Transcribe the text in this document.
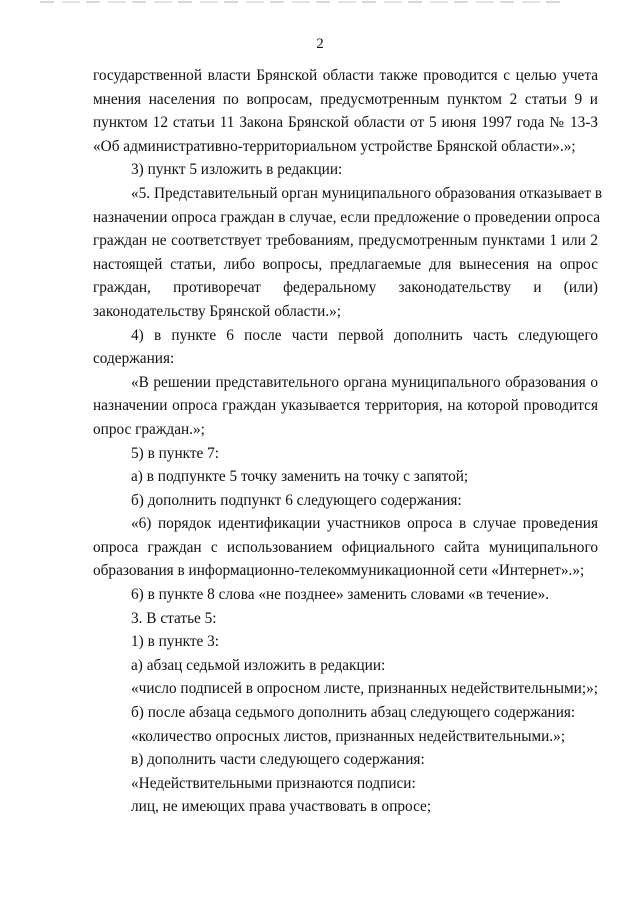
2
государственной власти Брянской области также проводится с целью учета
мнения населения по вопросам, предусмотренным пунктом 2 статьи 9 и
пунктом 12 статьи 11 Закона Брянской области от 5 июня 1997 года № 13-З
«Об административно-территориальном устройстве Брянской области».»;
3) пункт 5 изложить в редакции:
«5. Представительный орган муниципального образования отказывает в
назначении опроса граждан в случае, если предложение о проведении опроса
граждан не соответствует требованиям, предусмотренным пунктами 1 или 2
настоящей статьи, либо вопросы, предлагаемые для вынесения на опрос
граждан, противоречат федеральному законодательству и (или)
законодательству Брянской области.»;
4) в пункте 6 после части первой дополнить часть следующего
содержания:
«В решении представительного органа муниципального образования о
назначении опроса граждан указывается территория, на которой проводится
опрос граждан.»;
5) в пункте 7:
а) в подпункте 5 точку заменить на точку с запятой;
б) дополнить подпункт 6 следующего содержания:
«6) порядок идентификации участников опроса в случае проведения
опроса граждан с использованием официального сайта муниципального
образования в информационно-телекоммуникационной сети «Интернет».»;
6) в пункте 8 слова «не позднее» заменить словами «в течение».
3. В статье 5:
1) в пункте 3:
а) абзац седьмой изложить в редакции:
«число подписей в опросном листе, признанных недействительными;»;
б) после абзаца седьмого дополнить абзац следующего содержания:
«количество опросных листов, признанных недействительными.»;
в) дополнить части следующего содержания:
«Недействительными признаются подписи:
лиц, не имеющих права участвовать в опросе;
